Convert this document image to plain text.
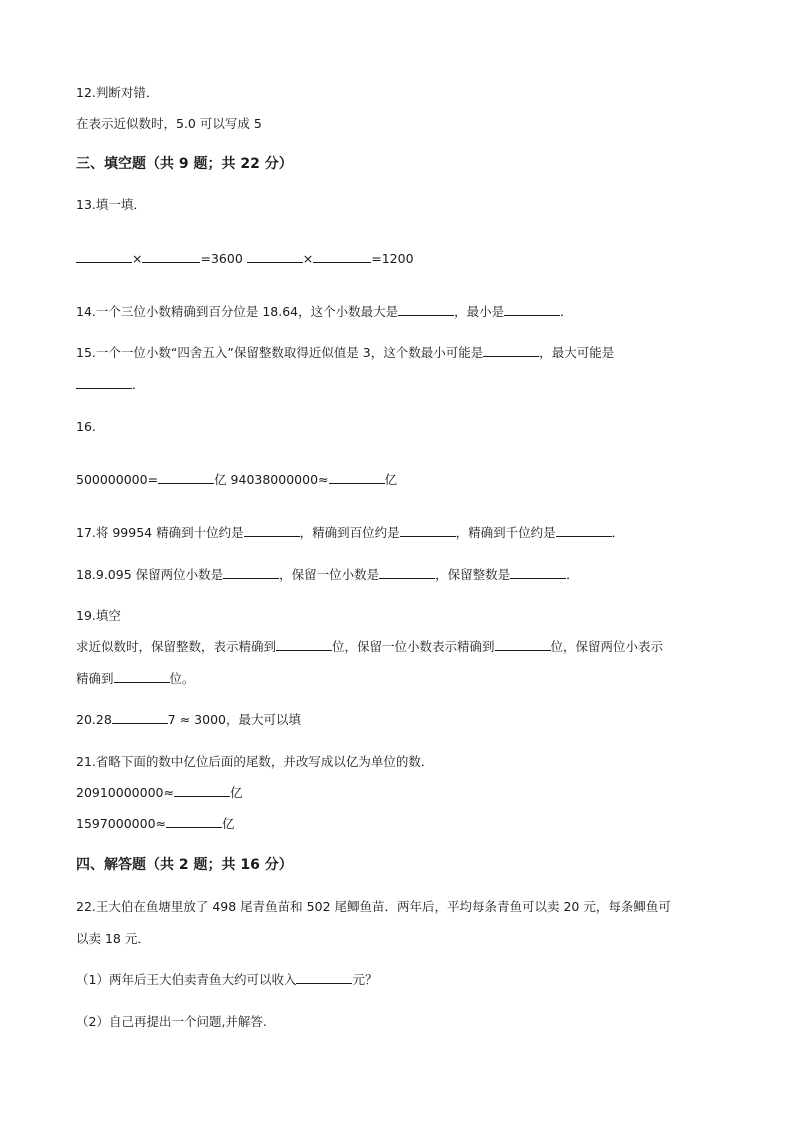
12.判断对错．
在表示近似数时，5.0 可以写成 5
三、填空题（共 9 题；共 22 分）
13.填一填．
×	=3600	×	=1200
14.一个三位小数精确到百分位是 18.64，这个小数最大是	，最小是	．
15.一个一位小数“四舍五入”保留整数取得近似值是 3，这个数最小可能是	，最大可能是
．
16.
500000000=	亿 94038000000≈	亿
17.将 99954 精确到十位约是	，精确到百位约是	，精确到千位约是	．
18.9.095 保留两位小数是	，保留一位小数是	，保留整数是	．
19.填空
求近似数时，保留整数，表示精确到	位，保留一位小数表示精确到	位，保留两位小表示
精确到	位。
20.28	7 ≈ 3000，最大可以填
21.省略下面的数中亿位后面的尾数，并改写成以亿为单位的数．
20910000000≈	亿
1597000000≈	亿
四、解答题（共 2 题；共 16 分）
22.王大伯在鱼塘里放了 498 尾青鱼苗和 502 尾鲫鱼苗．两年后，平均每条青鱼可以卖 20 元，每条鲫鱼可
以卖 18 元．
（1）两年后王大伯卖青鱼大约可以收入	元？
（2）自己再提出一个问题,并解答.
